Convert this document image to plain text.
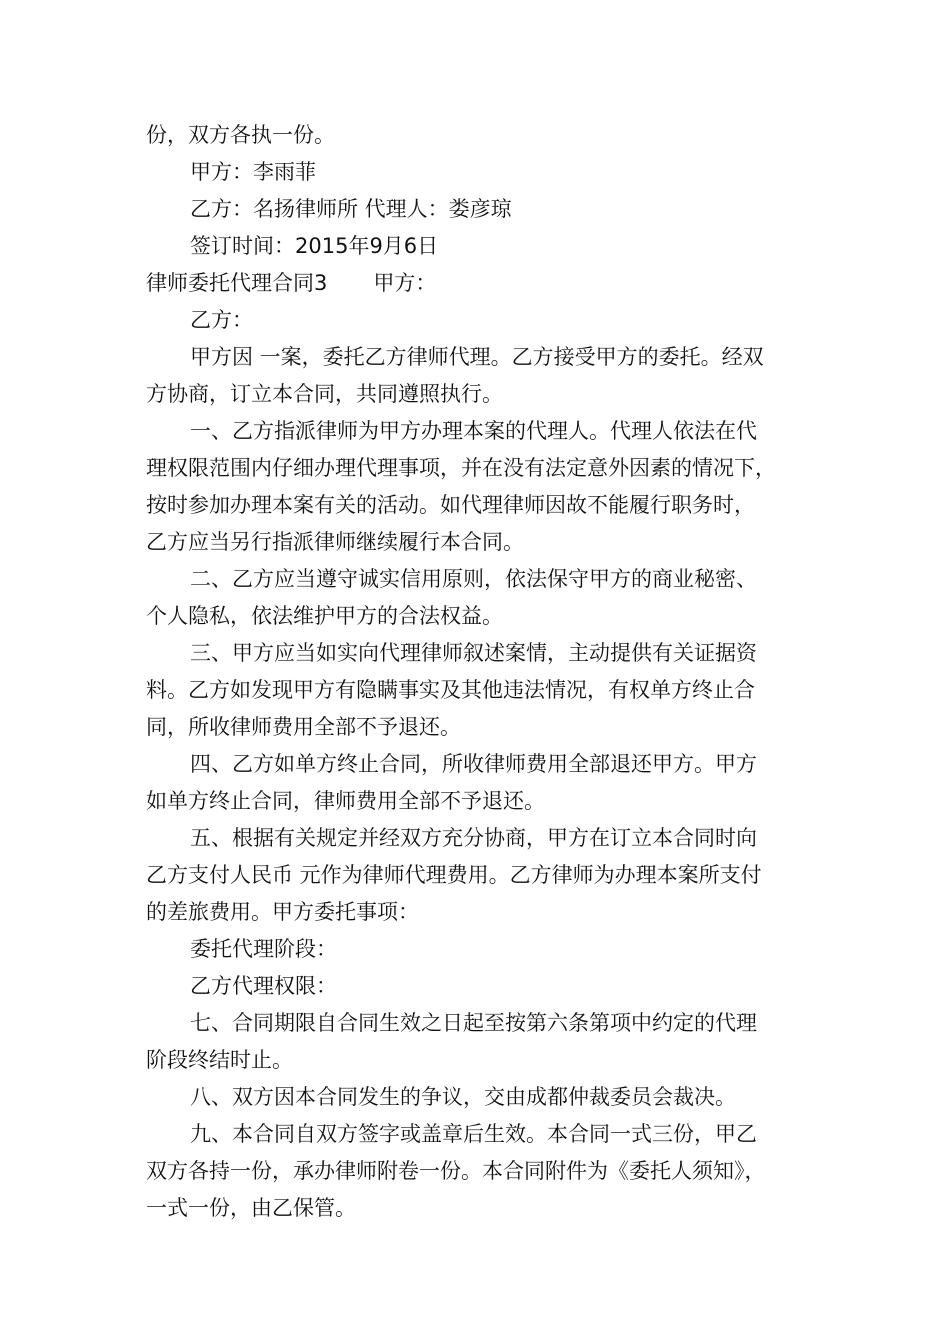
份，双方各执一份。
甲方：李雨菲
乙方：名扬律师所 代理人：娄彦琼
签订时间：2015年9月6日
律师委托代理合同3 甲方：
乙方：
甲方因 一案，委托乙方律师代理。乙方接受甲方的委托。经双
方协商，订立本合同，共同遵照执行。
一、乙方指派律师为甲方办理本案的代理人。代理人依法在代
理权限范围内仔细办理代理事项，并在没有法定意外因素的情况下，
按时参加办理本案有关的活动。如代理律师因故不能履行职务时，
乙方应当另行指派律师继续履行本合同。
二、乙方应当遵守诚实信用原则，依法保守甲方的商业秘密、
个人隐私，依法维护甲方的合法权益。
三、甲方应当如实向代理律师叙述案情，主动提供有关证据资
料。乙方如发现甲方有隐瞒事实及其他违法情况，有权单方终止合
同，所收律师费用全部不予退还。
四、乙方如单方终止合同，所收律师费用全部退还甲方。甲方
如单方终止合同，律师费用全部不予退还。
五、根据有关规定并经双方充分协商，甲方在订立本合同时向
乙方支付人民币 元作为律师代理费用。乙方律师为办理本案所支付
的差旅费用。甲方委托事项：
委托代理阶段：
乙方代理权限：
七、合同期限自合同生效之日起至按第六条第项中约定的代理
阶段终结时止。
八、双方因本合同发生的争议，交由成都仲裁委员会裁决。
九、本合同自双方签字或盖章后生效。本合同一式三份，甲乙
双方各持一份，承办律师附卷一份。本合同附件为《委托人须知》，
一式一份，由乙保管。
